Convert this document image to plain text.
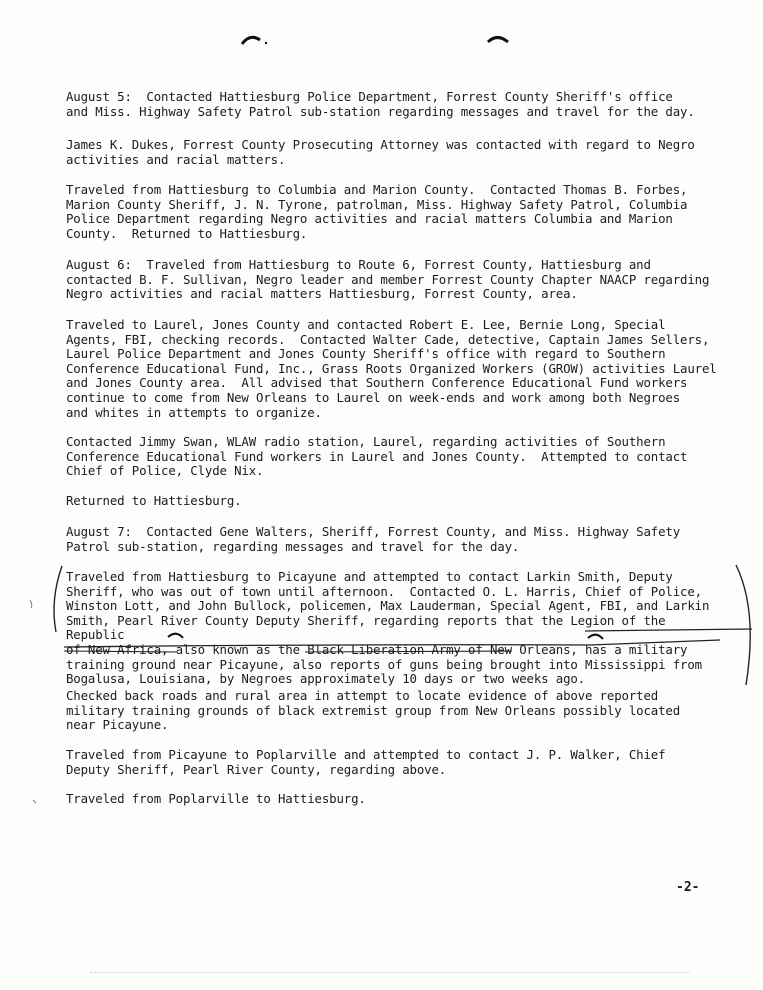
August 5:  Contacted Hattiesburg Police Department, Forrest County Sheriff's office
and Miss. Highway Safety Patrol sub-station regarding messages and travel for the day.
James K. Dukes, Forrest County Prosecuting Attorney was contacted with regard to Negro
activities and racial matters.
Traveled from Hattiesburg to Columbia and Marion County.  Contacted Thomas B. Forbes,
Marion County Sheriff, J. N. Tyrone, patrolman, Miss. Highway Safety Patrol, Columbia
Police Department regarding Negro activities and racial matters Columbia and Marion
County.  Returned to Hattiesburg.
August 6:  Traveled from Hattiesburg to Route 6, Forrest County, Hattiesburg and
contacted B. F. Sullivan, Negro leader and member Forrest County Chapter NAACP regarding
Negro activities and racial matters Hattiesburg, Forrest County, area.
Traveled to Laurel, Jones County and contacted Robert E. Lee, Bernie Long, Special
Agents, FBI, checking records.  Contacted Walter Cade, detective, Captain James Sellers,
Laurel Police Department and Jones County Sheriff's office with regard to Southern
Conference Educational Fund, Inc., Grass Roots Organized Workers (GROW) activities Laurel
and Jones County area.  All advised that Southern Conference Educational Fund workers
continue to come from New Orleans to Laurel on week-ends and work among both Negroes
and whites in attempts to organize.
Contacted Jimmy Swan, WLAW radio station, Laurel, regarding activities of Southern
Conference Educational Fund workers in Laurel and Jones County.  Attempted to contact
Chief of Police, Clyde Nix.
Returned to Hattiesburg.
August 7:  Contacted Gene Walters, Sheriff, Forrest County, and Miss. Highway Safety
Patrol sub-station, regarding messages and travel for the day.
Traveled from Hattiesburg to Picayune and attempted to contact Larkin Smith, Deputy
Sheriff, who was out of town until afternoon.  Contacted O. L. Harris, Chief of Police,
Winston Lott, and John Bullock, policemen, Max Lauderman, Special Agent, FBI, and Larkin
Smith, Pearl River County Deputy Sheriff, regarding reports that the Legion of the Republic
of New Africa, also known as the Black Liberation Army of New Orleans, has a military
training ground near Picayune, also reports of guns being brought into Mississippi from
Bogalusa, Louisiana, by Negroes approximately 10 days or two weeks ago.
Checked back roads and rural area in attempt to locate evidence of above reported
military training grounds of black extremist group from New Orleans possibly located
near Picayune.
Traveled from Picayune to Poplarville and attempted to contact J. P. Walker, Chief
Deputy Sheriff, Pearl River County, regarding above.
Traveled from Poplarville to Hattiesburg.
-2-
